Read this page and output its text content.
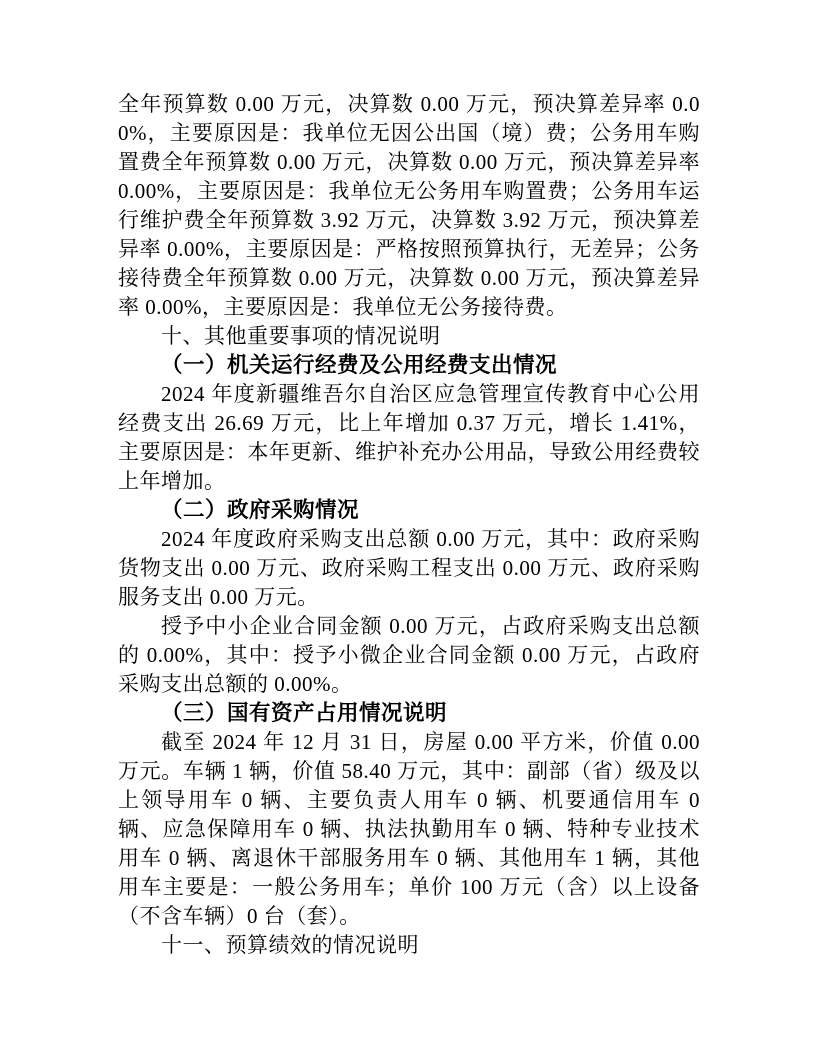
全年预算数 0.00 万元，决算数 0.00 万元，预决算差异率 0.00%，主要原因是：我单位无因公出国（境）费；公务用车购置费全年预算数 0.00 万元，决算数 0.00 万元，预决算差异率 0.00%，主要原因是：我单位无公务用车购置费；公务用车运行维护费全年预算数 3.92 万元，决算数 3.92 万元，预决算差异率 0.00%，主要原因是：严格按照预算执行，无差异；公务接待费全年预算数 0.00 万元，决算数 0.00 万元，预决算差异率 0.00%，主要原因是：我单位无公务接待费。

十、其他重要事项的情况说明

（一）机关运行经费及公用经费支出情况

2024 年度新疆维吾尔自治区应急管理宣传教育中心公用经费支出 26.69 万元，比上年增加 0.37 万元，增长 1.41%，主要原因是：本年更新、维护补充办公用品，导致公用经费较上年增加。

（二）政府采购情况

2024 年度政府采购支出总额 0.00 万元，其中：政府采购货物支出 0.00 万元、政府采购工程支出 0.00 万元、政府采购服务支出 0.00 万元。

授予中小企业合同金额 0.00 万元，占政府采购支出总额的 0.00%，其中：授予小微企业合同金额 0.00 万元，占政府采购支出总额的 0.00%。

（三）国有资产占用情况说明

截至 2024 年 12 月 31 日，房屋 0.00 平方米，价值 0.00 万元。车辆 1 辆，价值 58.40 万元，其中：副部（省）级及以上领导用车 0 辆、主要负责人用车 0 辆、机要通信用车 0 辆、应急保障用车 0 辆、执法执勤用车 0 辆、特种专业技术用车 0 辆、离退休干部服务用车 0 辆、其他用车 1 辆，其他用车主要是：一般公务用车；单价 100 万元（含）以上设备（不含车辆）0 台（套）。

十一、预算绩效的情况说明
